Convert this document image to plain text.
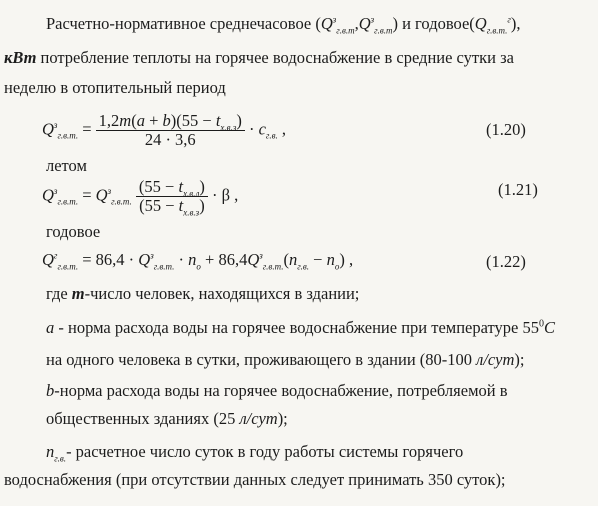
Расчетно-нормативное среднечасовое $(Q^з_{г.в.т},Q^з_{г.в.т})$ и $годовое(Q_{г.в.т.}^г)$,
кВт потребление теплоты на горячее водоснабжение в средние сутки за
неделю в отопительный период
$Q^з_{г.в.т.} = \frac{1,2m(a + b)(55 - t_{х.в.з})}{24 \cdot 3,6} \cdot c_{г.в.}$ ,	(1.20)
летом
$Q^з_{г.в.т.} = Q^з_{г.в.т.} \frac{(55 - t_{х.в.л})}{(55 - t_{х.в.з})} \cdot \beta$ ,	(1.21)
годовое
$Q^г_{г.в.т.} = 86,4 \cdot Q^з_{г.в.т.} \cdot n_о + 86,4Q^з_{г.в.т.}(n_{г.в.} - n_о)$ ,	(1.22)
где m-число человек, находящихся в здании;
a - норма расхода воды на горячее водоснабжение при температуре $55^0C$
на одного человека в сутки, проживающего в здании (80-100 л/сут);
b-норма расхода воды на горячее водоснабжение, потребляемой в
общественных зданиях (25 л/сут);
$n_{г.в.}-$ расчетное число суток в году работы системы горячего
водоснабжения (при отсутствии данных следует принимать 350 суток);
